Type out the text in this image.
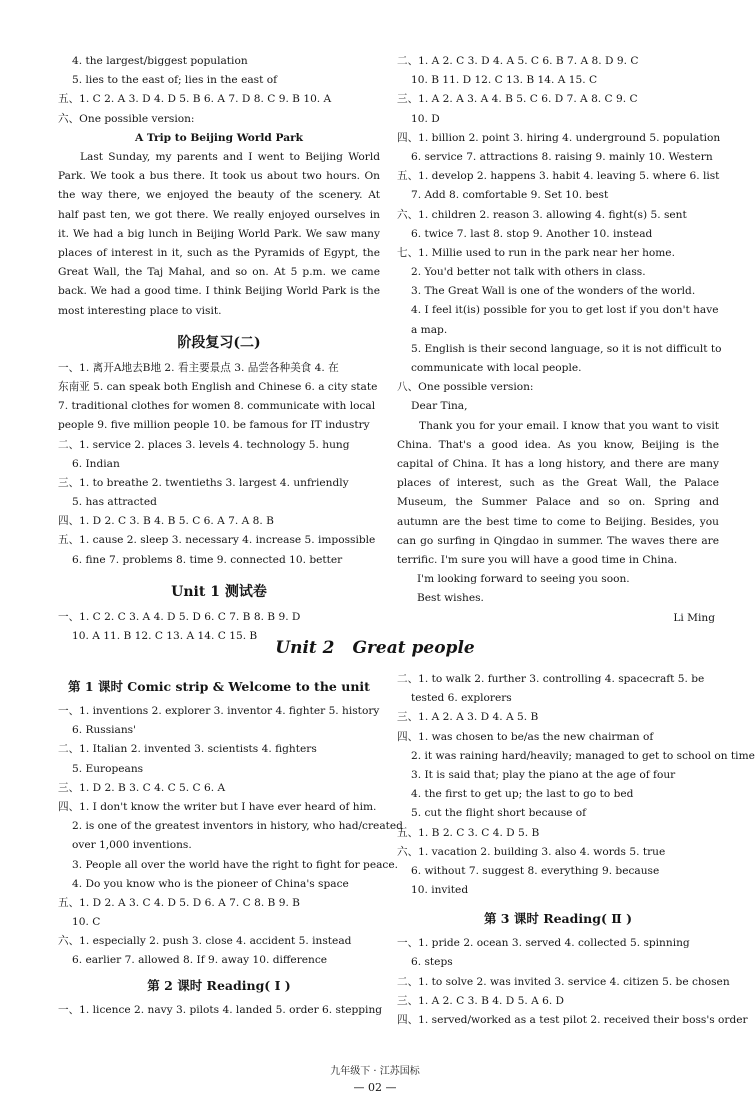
4. the largest/biggest population
5. lies to the east of; lies in the east of
五、1. C 2. A 3. D 4. D 5. B 6. A 7. D 8. C 9. B 10. A
六、One possible version:
A Trip to Beijing World Park
Last Sunday, my parents and I went to Beijing World Park. We took a bus there. It took us about two hours. On the way there, we enjoyed the beauty of the scenery. At half past ten, we got there. We really enjoyed ourselves in it. We had a big lunch in Beijing World Park. We saw many places of interest in it, such as the Pyramids of Egypt, the Great Wall, the Taj Mahal, and so on. At 5 p.m. we came back. We had a good time. I think Beijing World Park is the most interesting place to visit.
阶段复习(二)
一、1. 离开A地去B地 2. 看主要景点 3. 品尝各种美食 4. 在
东南亚 5. can speak both English and Chinese 6. a city state
7. traditional clothes for women 8. communicate with local
people 9. five million people 10. be famous for IT industry
二、1. service 2. places 3. levels 4. technology 5. hung
6. Indian
三、1. to breathe 2. twentieths 3. largest 4. unfriendly
5. has attracted
四、1. D 2. C 3. B 4. B 5. C 6. A 7. A 8. B
五、1. cause 2. sleep 3. necessary 4. increase 5. impossible
6. fine 7. problems 8. time 9. connected 10. better
Unit 1 测试卷
一、1. C 2. C 3. A 4. D 5. D 6. C 7. B 8. B 9. D
10. A 11. B 12. C 13. A 14. C 15. B
二、1. A 2. C 3. D 4. A 5. C 6. B 7. A 8. D 9. C
10. B 11. D 12. C 13. B 14. A 15. C
三、1. A 2. A 3. A 4. B 5. C 6. D 7. A 8. C 9. C
10. D
四、1. billion 2. point 3. hiring 4. underground 5. population
6. service 7. attractions 8. raising 9. mainly 10. Western
五、1. develop 2. happens 3. habit 4. leaving 5. where 6. list
7. Add 8. comfortable 9. Set 10. best
六、1. children 2. reason 3. allowing 4. fight(s) 5. sent
6. twice 7. last 8. stop 9. Another 10. instead
七、1. Millie used to run in the park near her home.
2. You'd better not talk with others in class.
3. The Great Wall is one of the wonders of the world.
4. I feel it(is) possible for you to get lost if you don't have
a map.
5. English is their second language, so it is not difficult to
communicate with local people.
八、One possible version:
Dear Tina,
Thank you for your email. I know that you want to visit China. That's a good idea. As you know, Beijing is the capital of China. It has a long history, and there are many places of interest, such as the Great Wall, the Palace Museum, the Summer Palace and so on. Spring and autumn are the best time to come to Beijing. Besides, you can go surfing in Qingdao in summer. The waves there are terrific. I'm sure you will have a good time in China.
I'm looking forward to seeing you soon.
Best wishes.
Li Ming
Unit 2 Great people
第 1 课时 Comic strip & Welcome to the unit
一、1. inventions 2. explorer 3. inventor 4. fighter 5. history
6. Russians'
二、1. Italian 2. invented 3. scientists 4. fighters
5. Europeans
三、1. D 2. B 3. C 4. C 5. C 6. A
四、1. I don't know the writer but I have ever heard of him.
2. is one of the greatest inventors in history, who had/created
over 1,000 inventions.
3. People all over the world have the right to fight for peace.
4. Do you know who is the pioneer of China's space
五、1. D 2. A 3. C 4. D 5. D 6. A 7. C 8. B 9. B
10. C
六、1. especially 2. push 3. close 4. accident 5. instead
6. earlier 7. allowed 8. If 9. away 10. difference
第 2 课时 Reading( Ⅰ )
一、1. licence 2. navy 3. pilots 4. landed 5. order 6. stepping
二、1. to walk 2. further 3. controlling 4. spacecraft 5. be
tested 6. explorers
三、1. A 2. A 3. D 4. A 5. B
四、1. was chosen to be/as the new chairman of
2. it was raining hard/heavily; managed to get to school on time
3. It is said that; play the piano at the age of four
4. the first to get up; the last to go to bed
5. cut the flight short because of
五、1. B 2. C 3. C 4. D 5. B
六、1. vacation 2. building 3. also 4. words 5. true
6. without 7. suggest 8. everything 9. because
10. invited
第 3 课时 Reading( Ⅱ )
一、1. pride 2. ocean 3. served 4. collected 5. spinning
6. steps
二、1. to solve 2. was invited 3. service 4. citizen 5. be chosen
三、1. A 2. C 3. B 4. D 5. A 6. D
四、1. served/worked as a test pilot 2. received their boss's order
九年级下 · 江苏国标
— 02 —
